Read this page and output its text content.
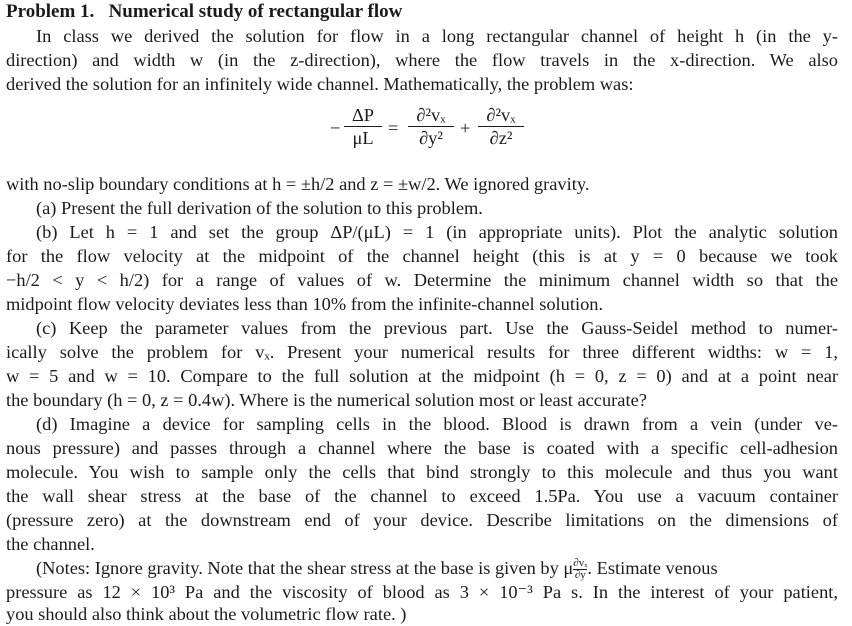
Problem 1. Numerical study of rectangular flow
In class we derived the solution for flow in a long rectangular channel of height h (in the y-
direction) and width w (in the z-direction), where the flow travels in the x-direction. We also
derived the solution for an infinitely wide channel. Mathematically, the problem was:
− $\frac{\Delta P}{\mu L} = \frac{\text{∂²vₓ}}{\text{∂y²}} + \frac{\text{∂²vₓ}}{\text{∂z²}}$
with no-slip boundary conditions at h = ±h/2 and z = ±w/2. We ignored gravity.
(a) Present the full derivation of the solution to this problem.
(b) Let h = 1 and set the group ΔP/(μL) = 1 (in appropriate units). Plot the analytic solution
for the flow velocity at the midpoint of the channel height (this is at y = 0 because we took
−h/2 < y < h/2) for a range of values of w. Determine the minimum channel width so that the
midpoint flow velocity deviates less than 10% from the infinite-channel solution.
(c) Keep the parameter values from the previous part. Use the Gauss-Seidel method to numer-
ically solve the problem for vₓ. Present your numerical results for three different widths: w = 1,
w = 5 and w = 10. Compare to the full solution at the midpoint (h = 0, z = 0) and at a point near
the boundary (h = 0, z = 0.4w). Where is the numerical solution most or least accurate?
(d) Imagine a device for sampling cells in the blood. Blood is drawn from a vein (under ve-
nous pressure) and passes through a channel where the base is coated with a specific cell-adhesion
molecule. You wish to sample only the cells that bind strongly to this molecule and thus you want
the wall shear stress at the base of the channel to exceed 1.5Pa. You use a vacuum container
(pressure zero) at the downstream end of your device. Describe limitations on the dimensions of
the channel.
(Notes: Ignore gravity. Note that the shear stress at the base is given by μ $\frac{\text{∂vₓ}}{\partial y}$ . Estimate venous
pressure as 12 × 10³ Pa and the viscosity of blood as 3 × 10⁻³ Pa s. In the interest of your patient,
you should also think about the volumetric flow rate. )
